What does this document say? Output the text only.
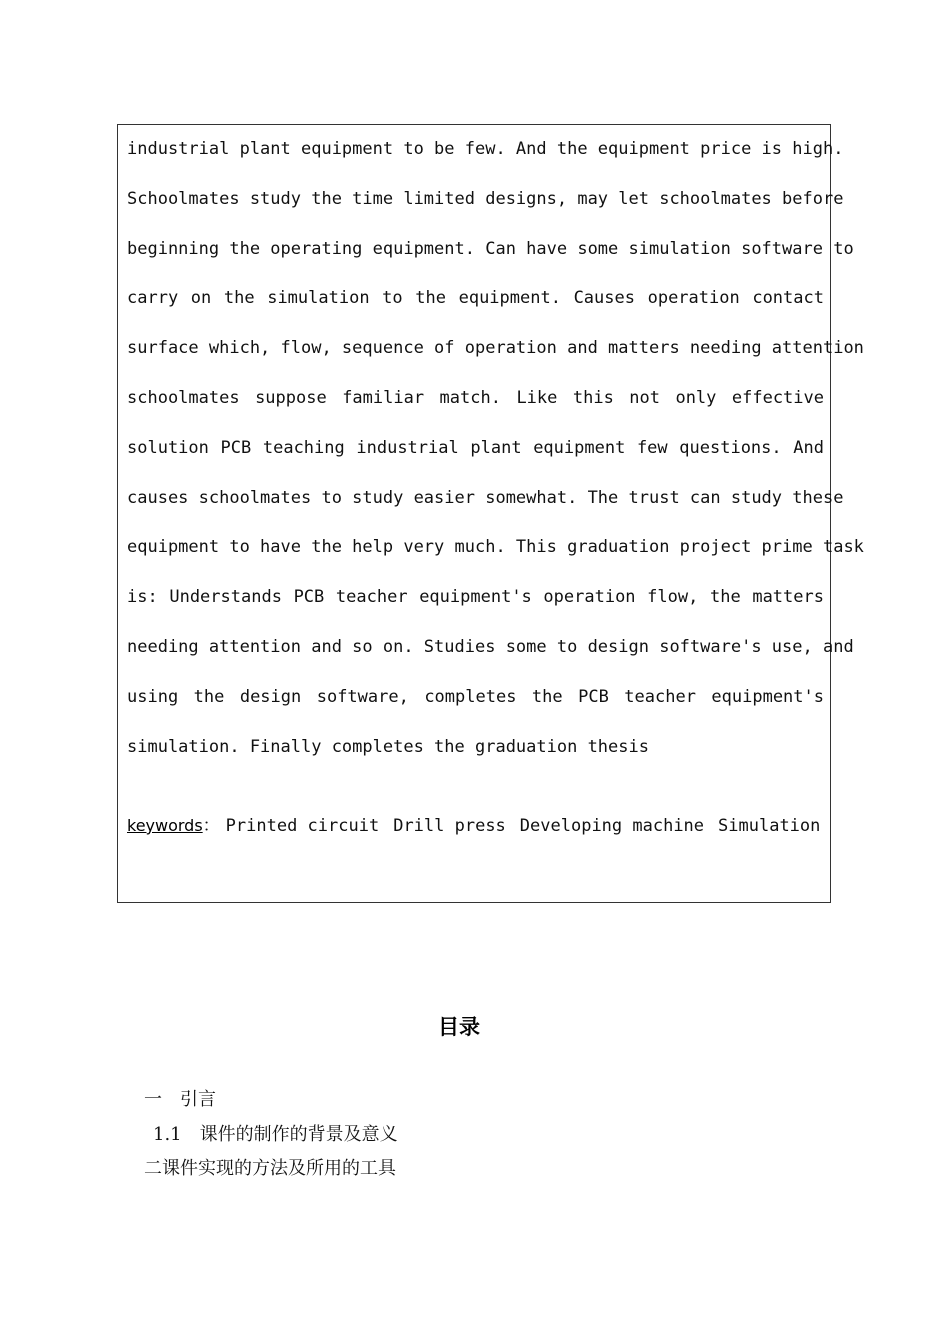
industrial plant equipment to be few. And the equipment price is high.
Schoolmates study the time limited designs, may let schoolmates before
beginning the operating equipment. Can have some simulation software to
carry on the simulation to the equipment. Causes operation contact
surface which, flow, sequence of operation and matters needing attention
schoolmates suppose familiar match. Like this not only effective
solution PCB teaching industrial plant equipment few questions. And
causes schoolmates to study easier somewhat. The trust can study these
equipment to have the help very much. This graduation project prime task
is: Understands PCB teacher equipment's operation flow, the matters
needing attention and so on. Studies some to design software's use, and
using the design software, completes the PCB teacher equipment's
simulation. Finally completes the graduation thesis
keywords： Printed circuit Drill press Developing machine Simulation
目录
一　引言
1.1　课件的制作的背景及意义
二课件实现的方法及所用的工具
